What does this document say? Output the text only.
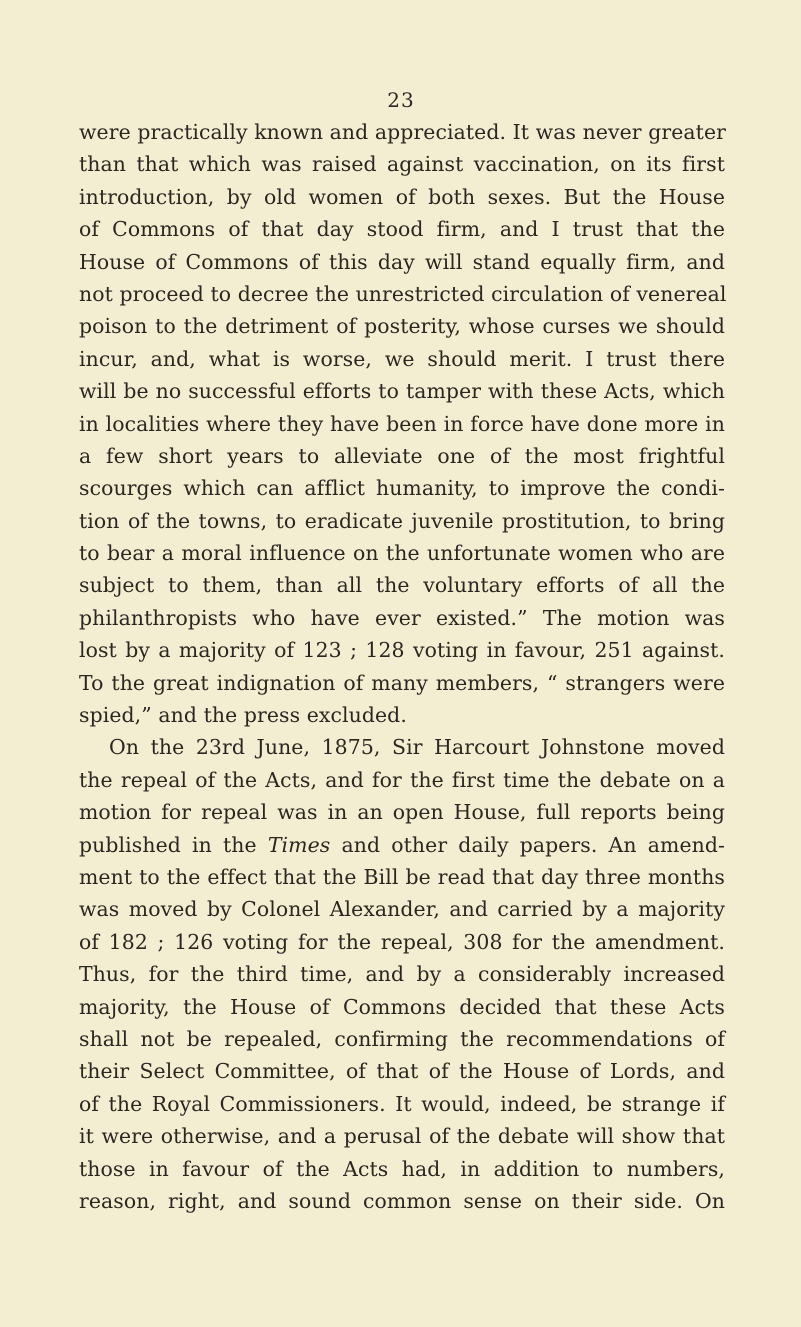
23
were practically known and appreciated. It was never greater
than that which was raised against vaccination, on its first
introduction, by old women of both sexes. But the House
of Commons of that day stood firm, and I trust that the
House of Commons of this day will stand equally firm, and
not proceed to decree the unrestricted circulation of venereal
poison to the detriment of posterity, whose curses we should
incur, and, what is worse, we should merit. I trust there
will be no successful efforts to tamper with these Acts, which
in localities where they have been in force have done more in
a few short years to alleviate one of the most frightful
scourges which can afflict humanity, to improve the condi-
tion of the towns, to eradicate juvenile prostitution, to bring
to bear a moral influence on the unfortunate women who are
subject to them, than all the voluntary efforts of all the
philanthropists who have ever existed.” The motion was
lost by a majority of 123 ; 128 voting in favour, 251 against.
To the great indignation of many members, “ strangers were
spied,” and the press excluded.
On the 23rd June, 1875, Sir Harcourt Johnstone moved
the repeal of the Acts, and for the first time the debate on a
motion for repeal was in an open House, full reports being
published in the Times and other daily papers. An amend-
ment to the effect that the Bill be read that day three months
was moved by Colonel Alexander, and carried by a majority
of 182 ; 126 voting for the repeal, 308 for the amendment.
Thus, for the third time, and by a considerably increased
majority, the House of Commons decided that these Acts
shall not be repealed, confirming the recommendations of
their Select Committee, of that of the House of Lords, and
of the Royal Commissioners. It would, indeed, be strange if
it were otherwise, and a perusal of the debate will show that
those in favour of the Acts had, in addition to numbers,
reason, right, and sound common sense on their side. On
